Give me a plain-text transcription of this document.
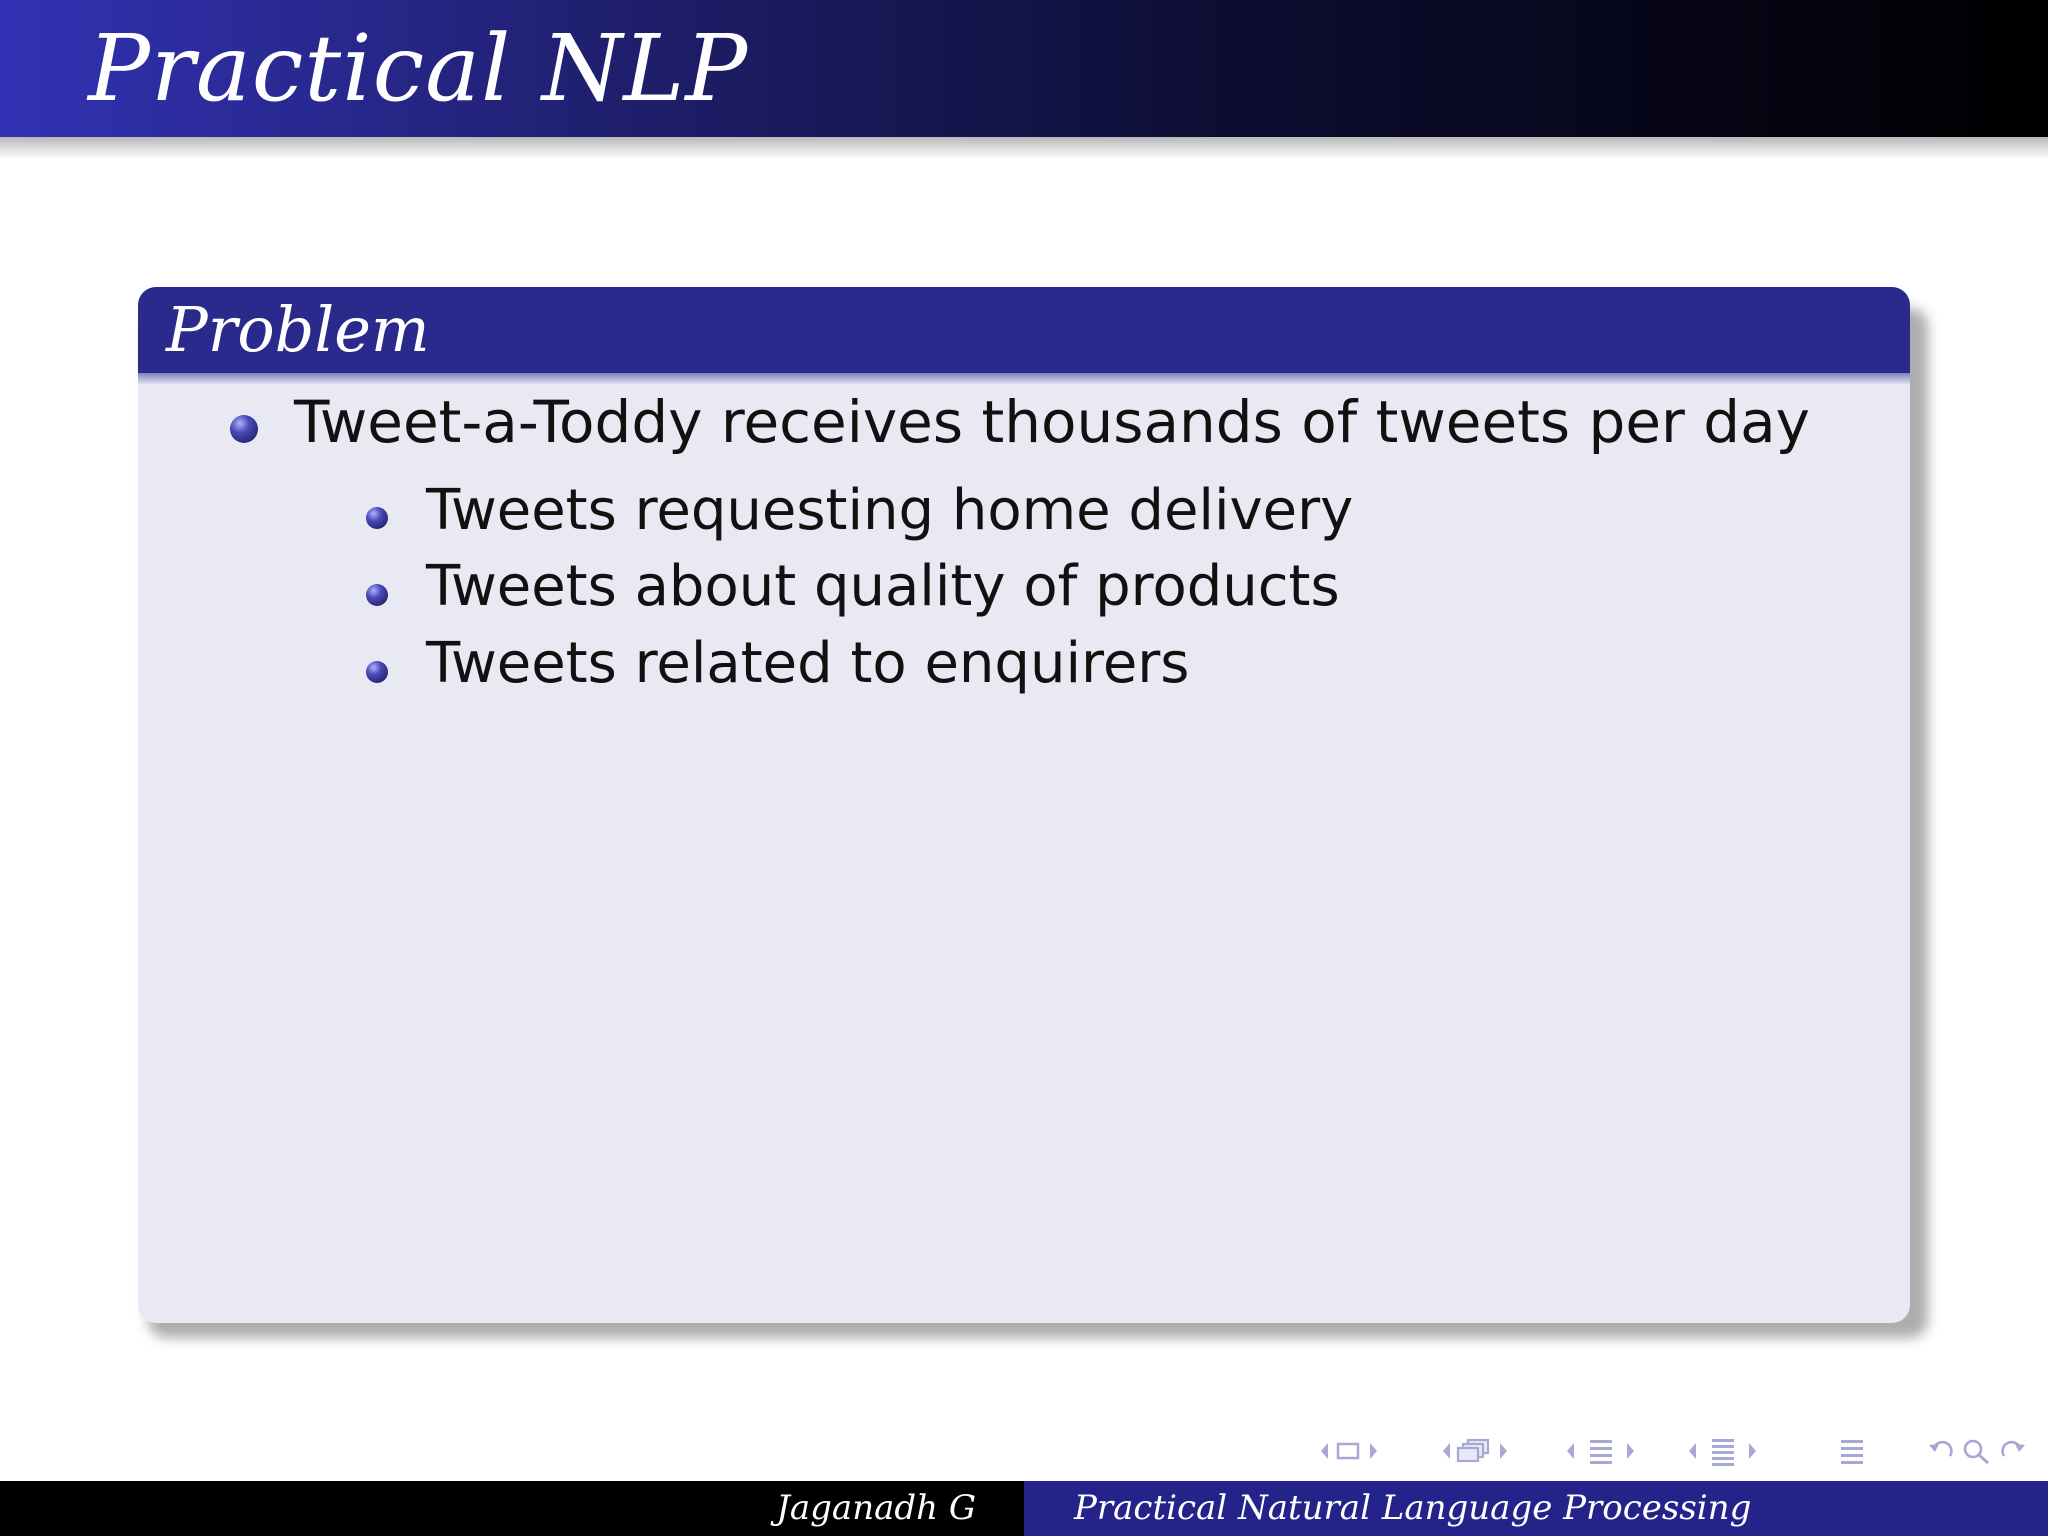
Practical NLP
Problem

Tweet-a-Toddy receives thousands of tweets per day

Tweets requesting home delivery

Tweets about quality of products

Tweets related to enquirers

Jaganadh G	Practical Natural Language Processing
